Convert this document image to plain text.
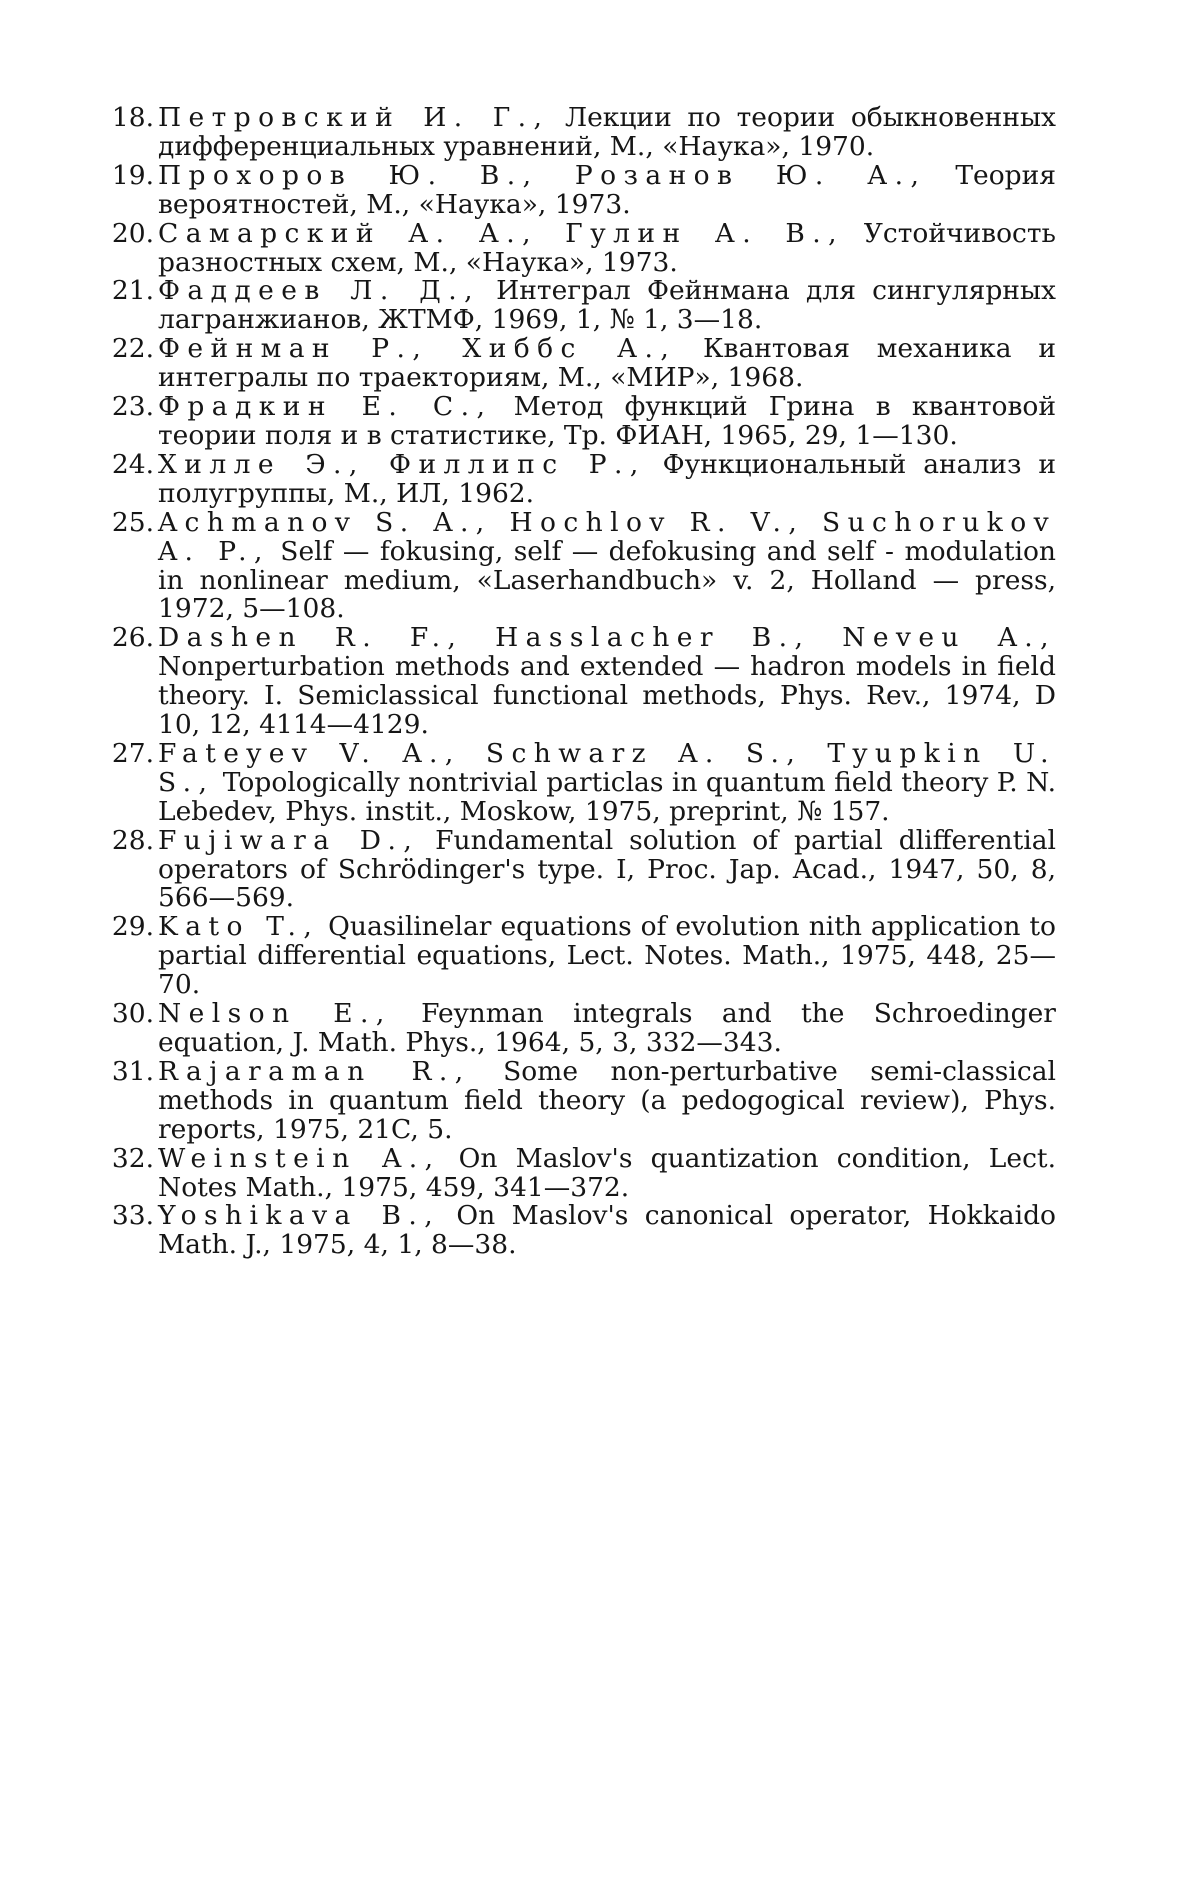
18. Петровский И. Г., Лекции по теории обыкновенных дифференциальных уравнений, М., «Наука», 1970.
19. Прохоров Ю. В., Розанов Ю. А., Теория вероятностей, М., «Наука», 1973.
20. Самарский А. А., Гулин А. В., Устойчивость разностных схем, М., «Наука», 1973.
21. Фаддеев Л. Д., Интеграл Фейнмана для сингулярных лагранжианов, ЖТМФ, 1969, 1, № 1, 3—18.
22. Фейнман Р., Хиббс А., Квантовая механика и интегралы по траекториям, М., «МИР», 1968.
23. Фрадкин Е. С., Метод функций Грина в квантовой теории поля и в статистике, Тр. ФИАН, 1965, 29, 1—130.
24. Хилле Э., Филлипс Р., Функциональный анализ и полугруппы, М., ИЛ, 1962.
25. Achmanov S. A., Hochlov R. V., Suchorukov A. P., Self — fokusing, self — defokusing and self - modulation in nonlinear medium, «Laserhandbuch» v. 2, Holland — press, 1972, 5—108.
26. Dashen R. F., Hasslacher B., Neveu A., Nonperturbation methods and extended — hadron models in field theory. I. Semiclassical functional methods, Phys. Rev., 1974, D 10, 12, 4114—4129.
27. Fateyev V. A., Schwarz A. S., Tyupkin U. S., Topologically nontrivial particlas in quantum field theory P. N. Lebedev, Phys. instit., Moskow, 1975, preprint, № 157.
28. Fujiwara D., Fundamental solution of partial dlifferential operators of Schrödinger's type. I, Proc. Jap. Acad., 1947, 50, 8, 566—569.
29. Kato T., Quasilinelar equations of evolution nith application to partial differential equations, Lect. Notes. Math., 1975, 448, 25—70.
30. Nelson E., Feynman integrals and the Schroedinger equation, J. Math. Phys., 1964, 5, 3, 332—343.
31. Rajaraman R., Some non-perturbative semi-classical methods in quantum field theory (a pedogogical review), Phys. reports, 1975, 21C, 5.
32. Weinstein A., On Maslov's quantization condition, Lect. Notes Math., 1975, 459, 341—372.
33. Yoshikava B., On Maslov's canonical operator, Hokkaido Math. J., 1975, 4, 1, 8—38.
